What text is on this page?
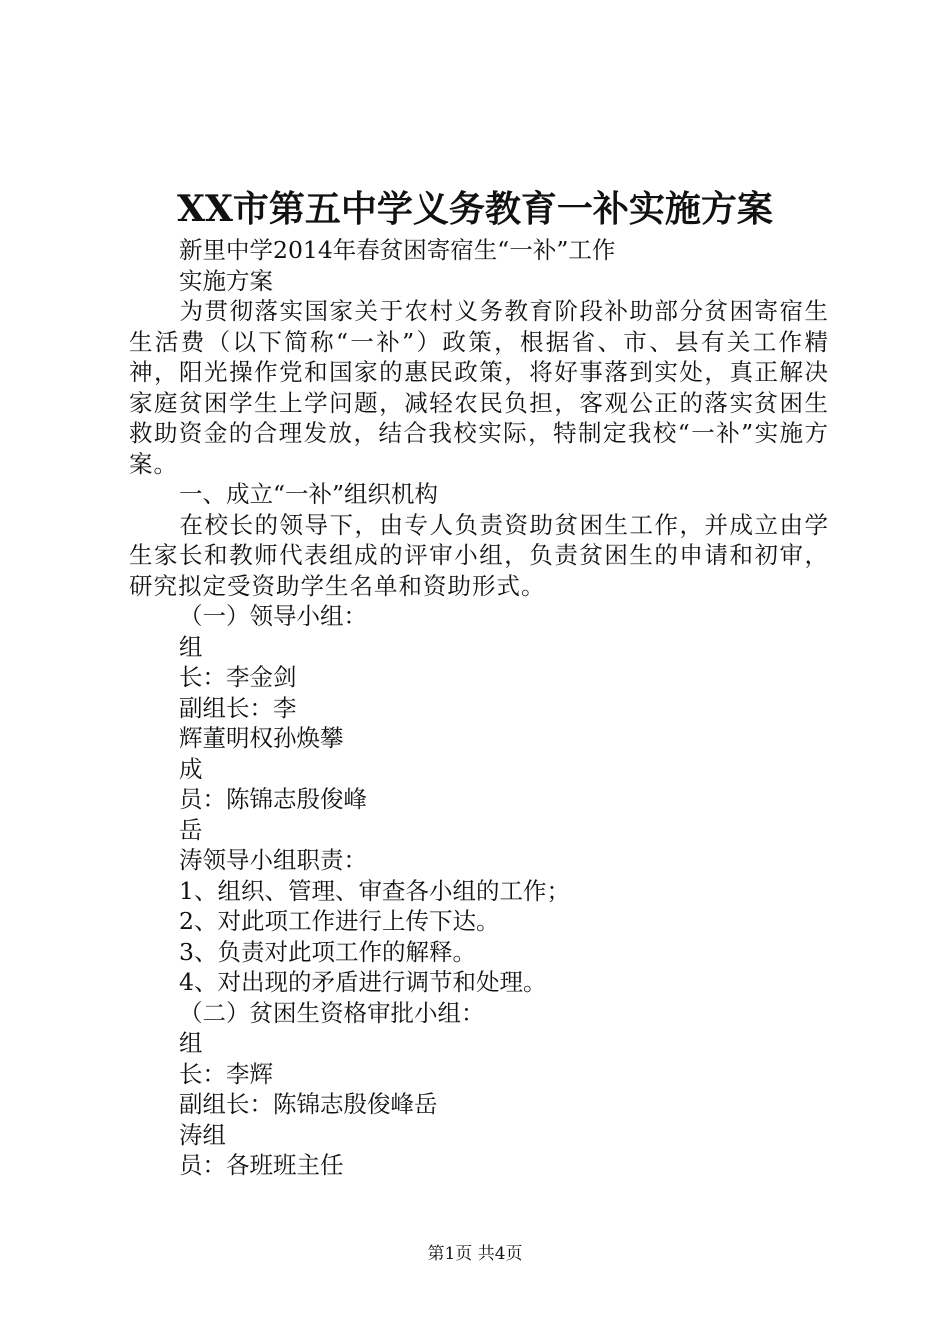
XX市第五中学义务教育一补实施方案

新里中学2014年春贫困寄宿生“一补”工作

实施方案

为贯彻落实国家关于农村义务教育阶段补助部分贫困寄宿生生活费（以下简称“一补”）政策，根据省、市、县有关工作精神，阳光操作党和国家的惠民政策，将好事落到实处，真正解决家庭贫困学生上学问题，减轻农民负担，客观公正的落实贫困生救助资金的合理发放，结合我校实际，特制定我校“一补”实施方案。

一、成立“一补”组织机构

在校长的领导下，由专人负责资助贫困生工作，并成立由学生家长和教师代表组成的评审小组，负责贫困生的申请和初审，研究拟定受资助学生名单和资助形式。

（一）领导小组：

组

长：李金剑

副组长：李

辉董明权孙焕攀

成

员：陈锦志殷俊峰

岳

涛领导小组职责：

1、组织、管理、审查各小组的工作；

2、对此项工作进行上传下达。

3、负责对此项工作的解释。

4、对出现的矛盾进行调节和处理。

（二）贫困生资格审批小组：

组

长：李辉

副组长：陈锦志殷俊峰岳

涛组

员：各班班主任

第1页 共4页
